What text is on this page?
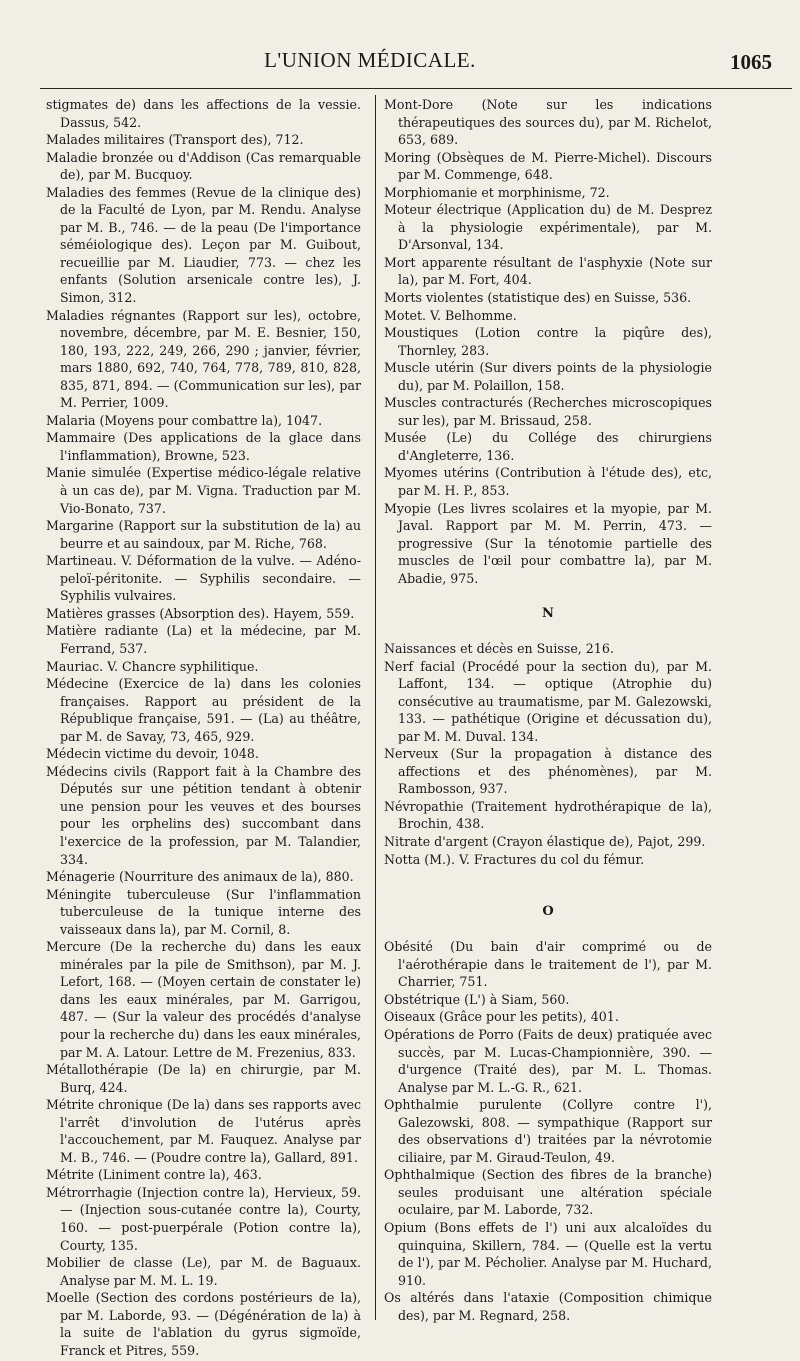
L'UNION MÉDICALE.	1065

stigmates de) dans les affections de la vessie. Dassus, 542.

Malades militaires (Transport des), 712.

Maladie bronzée ou d'Addison (Cas remarquable de), par M. Bucquoy.

Maladies des femmes (Revue de la clinique des) de la Faculté de Lyon, par M. Rendu. Analyse par M. B., 746. — de la peau (De l'importance séméiologique des). Leçon par M. Guibout, recueillie par M. Liaudier, 773. — chez les enfants (Solution arsenicale contre les), J. Simon, 312.

Maladies régnantes (Rapport sur les), octobre, novembre, décembre, par M. E. Besnier, 150, 180, 193, 222, 249, 266, 290 ; janvier, février, mars 1880, 692, 740, 764, 778, 789, 810, 828, 835, 871, 894. — (Communication sur les), par M. Perrier, 1009.

Malaria (Moyens pour combattre la), 1047.

Mammaire (Des applications de la glace dans l'inflammation), Browne, 523.

Manie simulée (Expertise médico-légale relative à un cas de), par M. Vigna. Traduction par M. Vio-Bonato, 737.

Margarine (Rapport sur la substitution de la) au beurre et au saindoux, par M. Riche, 768.

Martineau. V. Déformation de la vulve. — Adéno-peloï-péritonite. — Syphilis secondaire. — Syphilis vulvaires.

Matières grasses (Absorption des). Hayem, 559.

Matière radiante (La) et la médecine, par M. Ferrand, 537.

Mauriac. V. Chancre syphilitique.

Médecine (Exercice de la) dans les colonies françaises. Rapport au président de la République française, 591. — (La) au théâtre, par M. de Savay, 73, 465, 929.

Médecin victime du devoir, 1048.

Médecins civils (Rapport fait à la Chambre des Députés sur une pétition tendant à obtenir une pension pour les veuves et des bourses pour les orphelins des) succombant dans l'exercice de la profession, par M. Talandier, 334.

Ménagerie (Nourriture des animaux de la), 880.

Méningite tuberculeuse (Sur l'inflammation tuberculeuse de la tunique interne des vaisseaux dans la), par M. Cornil, 8.

Mercure (De la recherche du) dans les eaux minérales par la pile de Smithson), par M. J. Lefort, 168. — (Moyen certain de constater le) dans les eaux minérales, par M. Garrigou, 487. — (Sur la valeur des procédés d'analyse pour la recherche du) dans les eaux minérales, par M. A. Latour. Lettre de M. Frezenius, 833.

Métallothérapie (De la) en chirurgie, par M. Burq, 424.

Métrite chronique (De la) dans ses rapports avec l'arrêt d'involution de l'utérus après l'accouchement, par M. Fauquez. Analyse par M. B., 746. — (Poudre contre la), Gallard, 891.

Métrite (Liniment contre la), 463.

Métrorrhagie (Injection contre la), Hervieux, 59. — (Injection sous-cutanée contre la), Courty, 160. — post-puerpérale (Potion contre la), Courty, 135.

Mobilier de classe (Le), par M. de Baguaux. Analyse par M. M. L. 19.

Moelle (Section des cordons postérieurs de la), par M. Laborde, 93. — (Dégénération de la) à la suite de l'ablation du gyrus sigmoïde, Franck et Pitres, 559.

Mont-Dore (Note sur les indications thérapeutiques des sources du), par M. Richelot, 653, 689.

Moring (Obsèques de M. Pierre-Michel). Discours par M. Commenge, 648.

Morphiomanie et morphinisme, 72.

Moteur électrique (Application du) de M. Desprez à la physiologie expérimentale), par M. D'Arsonval, 134.

Mort apparente résultant de l'asphyxie (Note sur la), par M. Fort, 404.

Morts violentes (statistique des) en Suisse, 536.

Motet. V. Belhomme.

Moustiques (Lotion contre la piqûre des), Thornley, 283.

Muscle utérin (Sur divers points de la physiologie du), par M. Polaillon, 158.

Muscles contracturés (Recherches microscopiques sur les), par M. Brissaud, 258.

Musée (Le) du Collége des chirurgiens d'Angleterre, 136.

Myomes utérins (Contribution à l'étude des), etc, par M. H. P., 853.

Myopie (Les livres scolaires et la myopie, par M. Javal. Rapport par M. M. Perrin, 473. — progressive (Sur la ténotomie partielle des muscles de l'œil pour combattre la), par M. Abadie, 975.

N

Naissances et décès en Suisse, 216.

Nerf facial (Procédé pour la section du), par M. Laffont, 134. — optique (Atrophie du) consécutive au traumatisme, par M. Galezowski, 133. — pathétique (Origine et décussation du), par M. M. Duval. 134.

Nerveux (Sur la propagation à distance des affections et des phénomènes), par M. Rambosson, 937.

Névropathie (Traitement hydrothérapique de la), Brochin, 438.

Nitrate d'argent (Crayon élastique de), Pajot, 299.

Notta (M.). V. Fractures du col du fémur.

O

Obésité (Du bain d'air comprimé ou de l'aérothérapie dans le traitement de l'), par M. Charrier, 751.

Obstétrique (L') à Siam, 560.

Oiseaux (Grâce pour les petits), 401.

Opérations de Porro (Faits de deux) pratiquée avec succès, par M. Lucas-Championnière, 390. — d'urgence (Traité des), par M. L. Thomas. Analyse par M. L.-G. R., 621.

Ophthalmie purulente (Collyre contre l'), Galezowski, 808. — sympathique (Rapport sur des observations d') traitées par la névrotomie ciliaire, par M. Giraud-Teulon, 49.

Ophthalmique (Section des fibres de la branche) seules produisant une altération spéciale oculaire, par M. Laborde, 732.

Opium (Bons effets de l') uni aux alcaloïdes du quinquina, Skillern, 784. — (Quelle est la vertu de l'), par M. Pécholier. Analyse par M. Huchard, 910.

Os altérés dans l'ataxie (Composition chimique des), par M. Regnard, 258.
